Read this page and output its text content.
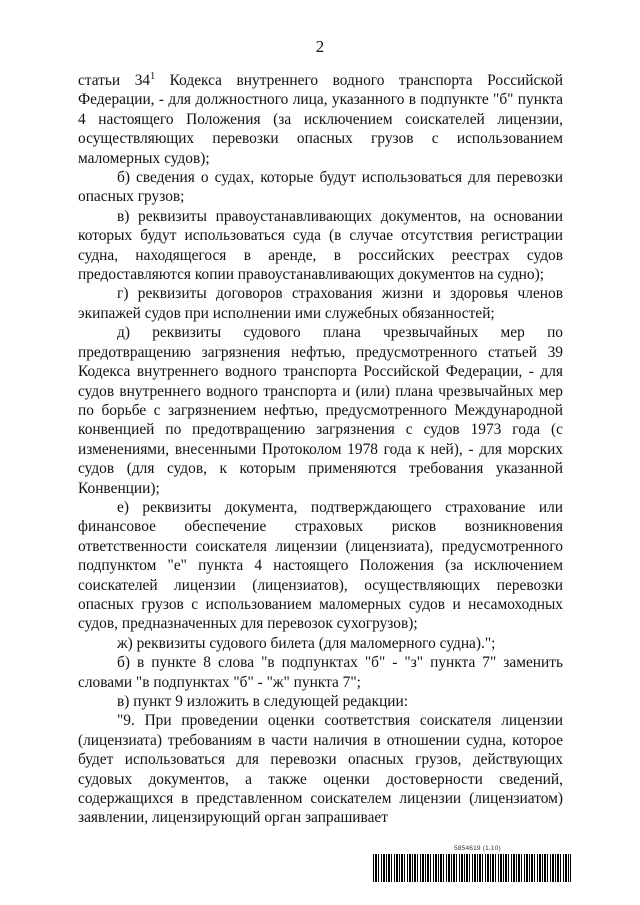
2

статьи $34^1$ Кодекса внутреннего водного транспорта Российской Федерации, - для должностного лица, указанного в подпункте "б" пункта 4 настоящего Положения (за исключением соискателей лицензии, осуществляющих перевозки опасных грузов с использованием маломерных судов);

б) сведения о судах, которые будут использоваться для перевозки опасных грузов;

в) реквизиты правоустанавливающих документов, на основании которых будут использоваться суда (в случае отсутствия регистрации судна, находящегося в аренде, в российских реестрах судов предоставляются копии правоустанавливающих документов на судно);

г) реквизиты договоров страхования жизни и здоровья членов экипажей судов при исполнении ими служебных обязанностей;

д) реквизиты судового плана чрезвычайных мер по предотвращению загрязнения нефтью, предусмотренного статьей 39 Кодекса внутреннего водного транспорта Российской Федерации, - для судов внутреннего водного транспорта и (или) плана чрезвычайных мер по борьбе с загрязнением нефтью, предусмотренного Международной конвенцией по предотвращению загрязнения с судов 1973 года (с изменениями, внесенными Протоколом 1978 года к ней), - для морских судов (для судов, к которым применяются требования указанной Конвенции);

е) реквизиты документа, подтверждающего страхование или финансовое обеспечение страховых рисков возникновения ответственности соискателя лицензии (лицензиата), предусмотренного подпунктом "е" пункта 4 настоящего Положения (за исключением соискателей лицензии (лицензиатов), осуществляющих перевозки опасных грузов с использованием маломерных судов и несамоходных судов, предназначенных для перевозок сухогрузов);

ж) реквизиты судового билета (для маломерного судна).";

б) в пункте 8 слова "в подпунктах "б" - "з" пункта 7" заменить словами "в подпунктах "б" - "ж" пункта 7";

в) пункт 9 изложить в следующей редакции:

"9. При проведении оценки соответствия соискателя лицензии (лицензиата) требованиям в части наличия в отношении судна, которое будет использоваться для перевозки опасных грузов, действующих судовых документов, а также оценки достоверности сведений, содержащихся в представленном соискателем лицензии (лицензиатом) заявлении, лицензирующий орган запрашивает

5854619 (1.10)
